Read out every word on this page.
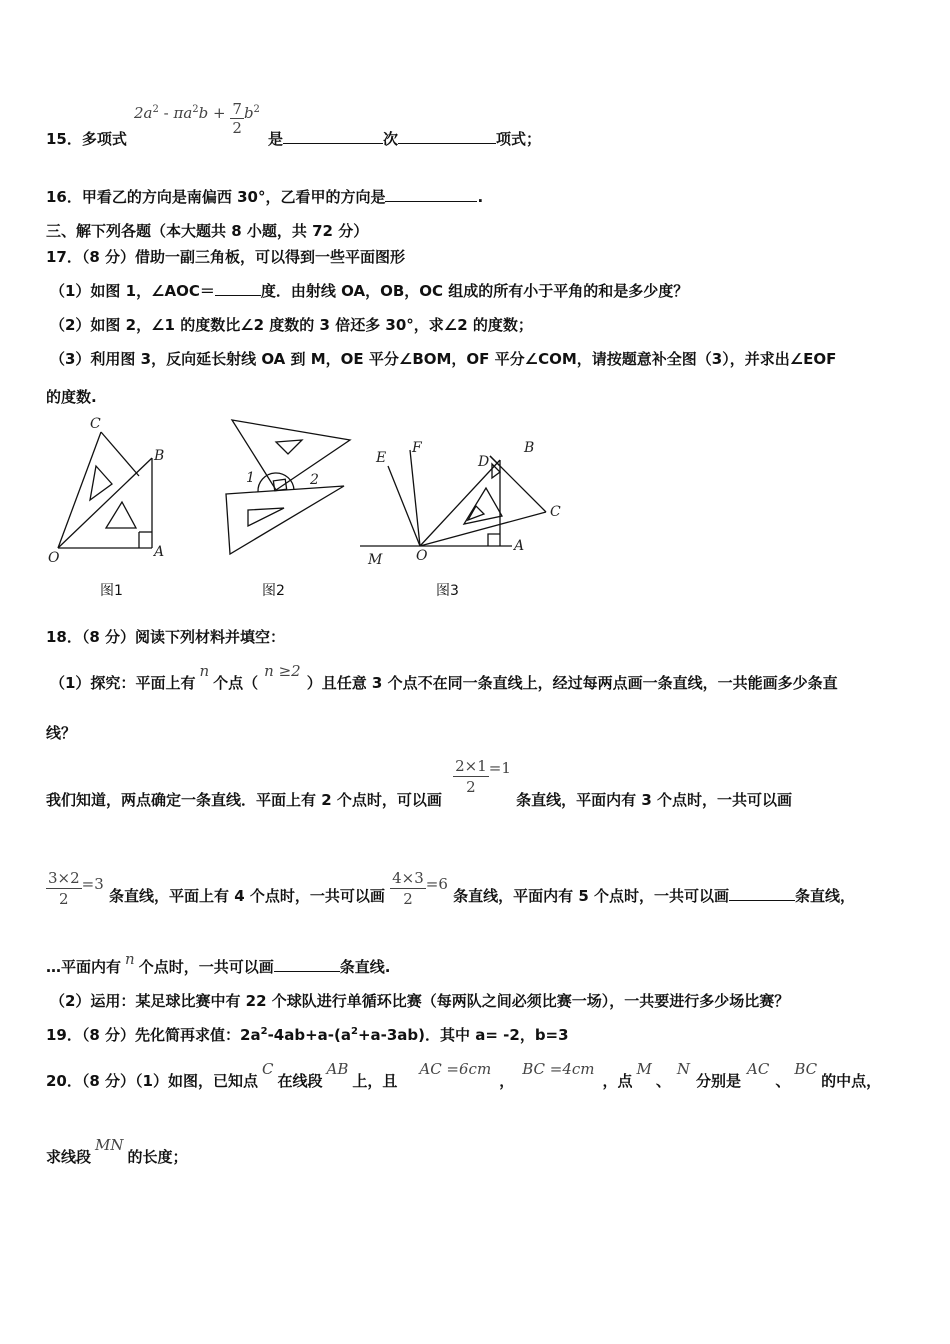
15．多项式
$2a^2 - \pi a^2b + \frac{7}{2} b^2$
是	次	项式；
16．甲看乙的方向是南偏西 30°，乙看甲的方向是	.
三、解下列各题（本大题共 8 小题，共 72 分）
17．（8 分）借助一副三角板，可以得到一些平面图形
（1）如图 1，∠AOC＝	度．由射线 OA，OB，OC 组成的所有小于平角的和是多少度？
（2）如图 2，∠1 的度数比∠2 度数的 3 倍还多 30°，求∠2 的度数；
（3）利用图 3，反向延长射线 OA 到 M，OE 平分∠BOM，OF 平分∠COM，请按题意补全图（3），并求出∠EOF
的度数.
C
B
O	A
图1
1	2
图2
E
F
D
B
C
M O
A
图3
18．（8 分）阅读下列材料并填空：
（1）探究：平面上有n个点（n ≥2）且任意 3 个点不在同一条直线上，经过每两点画一条直线，一共能画多少条直
线？
我们知道，两点确定一条直线．平面上有 2 个点时，可以画
$\frac{2\times 1}{2} =1$ 条直线，平面内有 3 个点时，一共可以画
$\frac{3\times 2}{2} =3$ 条直线，平面上有 4 个点时，一共可以画 $\frac{4\times 3}{2} =6$ 条直线，平面内有 5 个点时，一共可以画	条直线，
…平面内有 n 个点时，一共可以画	条直线.
（2）运用：某足球比赛中有 22 个球队进行单循环比赛（每两队之间必须比赛一场），一共要进行多少场比赛？
19．（8 分）先化简再求值：$2a^2-4ab+a-(a^2+a-3ab)$．其中 a= -2，b=3
20．（8 分）（1）如图，已知点C在线段AB上，且AC =6cm，BC =4cm，点M、N分别是AC、BC的中点，
求线段MN的长度；
